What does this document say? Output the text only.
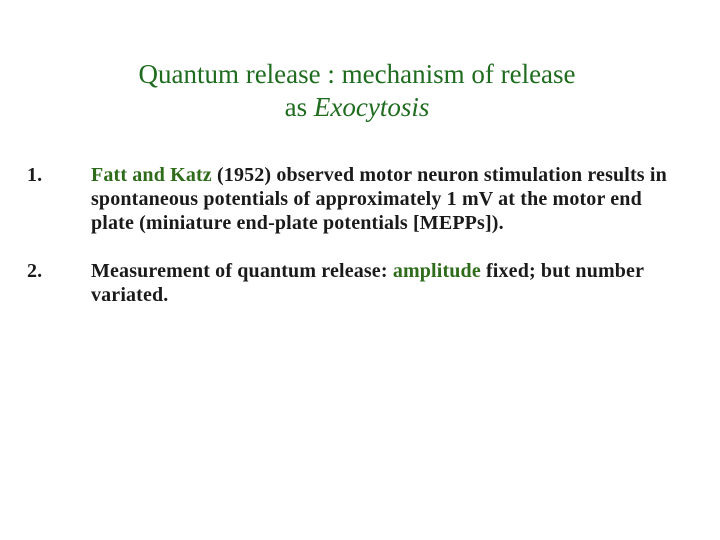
Quantum release : mechanism of release
as Exocytosis
1.	Fatt and Katz (1952) observed motor neuron stimulation results in spontaneous potentials of approximately 1 mV at the motor end plate (miniature end-plate potentials [MEPPs]).
2.	Measurement of quantum release: amplitude fixed; but number variated.
